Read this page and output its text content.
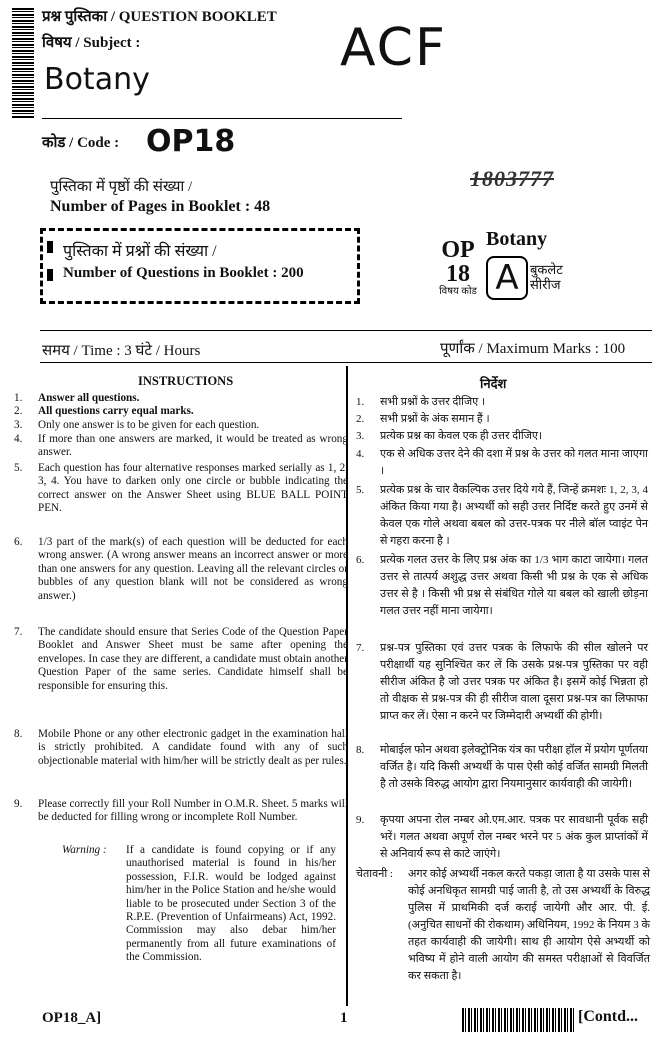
प्रश्न पुस्तिका / QUESTION BOOKLET
विषय / Subject :
Botany
ACF
कोड / Code : OP18
1803777
पुस्तिका में पृष्ठों की संख्या /
Number of Pages in Booklet : 48
पुस्तिका में प्रश्नों की संख्या /
Number of Questions in Booklet : 200
OP
18
विषय कोड
Botany
A बुकलेट
सीरीज
समय / Time : 3 घंटे / Hours	पूर्णांक / Maximum Marks : 100
INSTRUCTIONS
1. Answer all questions.
2. All questions carry equal marks.
3. Only one answer is to be given for each question.
4. If more than one answers are marked, it would be treated as wrong answer.
5. Each question has four alternative responses marked serially as 1, 2, 3, 4. You have to darken only one circle or bubble indicating the correct answer on the Answer Sheet using BLUE BALL POINT PEN.
6. 1/3 part of the mark(s) of each question will be deducted for each wrong answer. (A wrong answer means an incorrect answer or more than one answers for any question. Leaving all the relevant circles or bubbles of any question blank will not be considered as wrong answer.)
7. The candidate should ensure that Series Code of the Question Paper Booklet and Answer Sheet must be same after opening the envelopes. In case they are different, a candidate must obtain another Question Paper of the same series. Candidate himself shall be responsible for ensuring this.
8. Mobile Phone or any other electronic gadget in the examination hall is strictly prohibited. A candidate found with any of such objectionable material with him/her will be strictly dealt as per rules.
9. Please correctly fill your Roll Number in O.M.R. Sheet. 5 marks will be deducted for filling wrong or incomplete Roll Number.
Warning : If a candidate is found copying or if any unauthorised material is found in his/her possession, F.I.R. would be lodged against him/her in the Police Station and he/she would liable to be prosecuted under Section 3 of the R.P.E. (Prevention of Unfairmeans) Act, 1992. Commission may also debar him/her permanently from all future examinations of the Commission.
निर्देश
1. सभी प्रश्नों के उत्तर दीजिए ।
2. सभी प्रश्नों के अंक समान हैं ।
3. प्रत्येक प्रश्न का केवल एक ही उत्तर दीजिए।
4. एक से अधिक उत्तर देने की दशा में प्रश्न के उत्तर को गलत माना जाएगा ।
5. प्रत्येक प्रश्न के चार वैकल्पिक उत्तर दिये गये हैं, जिन्हें क्रमशः 1, 2, 3, 4 अंकित किया गया है। अभ्यर्थी को सही उत्तर निर्दिष्ट करते हुए उनमें से केवल एक गोले अथवा बबल को उत्तर-पत्रक पर नीले बॉल प्वाइंट पेन से गहरा करना है ।
6. प्रत्येक गलत उत्तर के लिए प्रश्न अंक का 1/3 भाग काटा जायेगा। गलत उत्तर से तात्पर्य अशुद्ध उत्तर अथवा किसी भी प्रश्न के एक से अधिक उत्तर से है । किसी भी प्रश्न से संबंधित गोले या बबल को खाली छोड़ना गलत उत्तर नहीं माना जायेगा।
7. प्रश्न-पत्र पुस्तिका एवं उत्तर पत्रक के लिफाफे की सील खोलने पर परीक्षार्थी यह सुनिश्चित कर लें कि उसके प्रश्न-पत्र पुस्तिका पर वही सीरीज अंकित है जो उत्तर पत्रक पर अंकित है। इसमें कोई भिन्नता हो तो वीक्षक से प्रश्न-पत्र की ही सीरीज वाला दूसरा प्रश्न-पत्र का लिफाफा प्राप्त कर लें। ऐसा न करने पर जिम्मेदारी अभ्यर्थी की होगी।
8. मोबाईल फोन अथवा इलेक्ट्रोनिक यंत्र का परीक्षा हॉल में प्रयोग पूर्णतया वर्जित है। यदि किसी अभ्यर्थी के पास ऐसी कोई वर्जित सामग्री मिलती है तो उसके विरुद्ध आयोग द्वारा नियमानुसार कार्यवाही की जायेगी।
9. कृपया अपना रोल नम्बर ओ.एम.आर. पत्रक पर सावधानी पूर्वक सही भरें। गलत अथवा अपूर्ण रोल नम्बर भरने पर 5 अंक कुल प्राप्तांकों में से अनिवार्य रूप से काटे जाएंगे।
चेतावनी : अगर कोई अभ्यर्थी नकल करते पकड़ा जाता है या उसके पास से कोई अनधिकृत सामग्री पाई जाती है, तो उस अभ्यर्थी के विरुद्ध पुलिस में प्राथमिकी दर्ज कराई जायेगी और आर. पी. ई. (अनुचित साधनों की रोकथाम) अधिनियम, 1992 के नियम 3 के तहत कार्यवाही की जायेगी। साथ ही आयोग ऐसे अभ्यर्थी को भविष्य में होने वाली आयोग की समस्त परीक्षाओं से विवर्जित कर सकता है।
OP18_A]	1	[Contd...
